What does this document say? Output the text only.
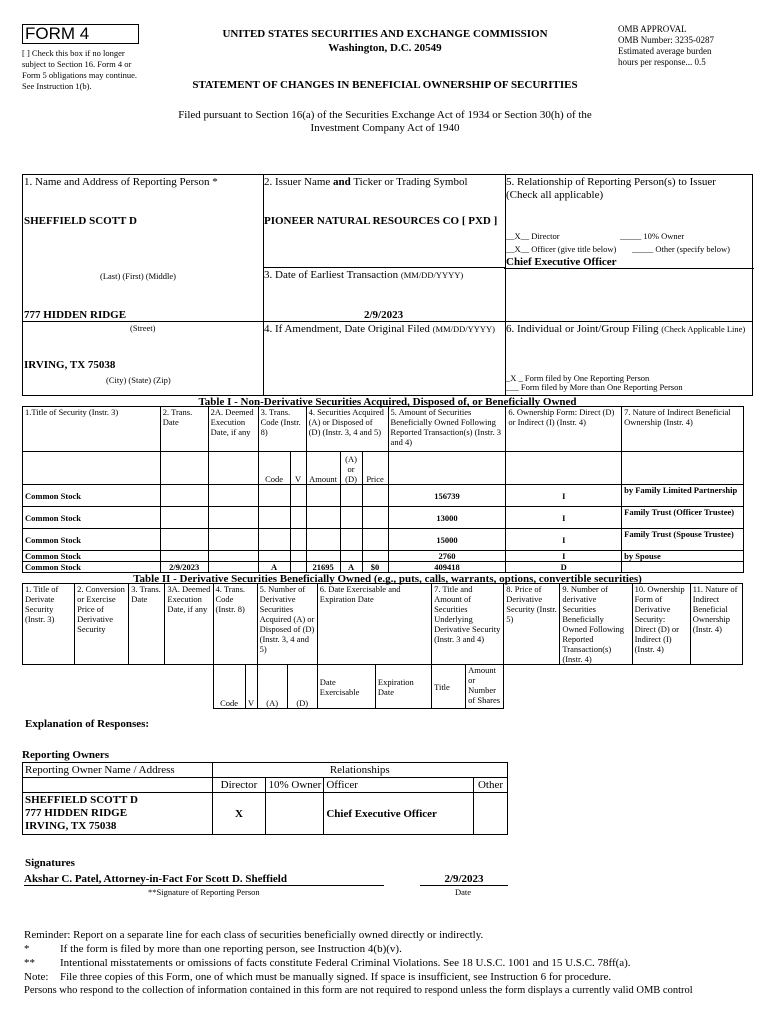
FORM 4
[ ] Check this box if no longer subject to Section 16. Form 4 or Form 5 obligations may continue. See Instruction 1(b).
UNITED STATES SECURITIES AND EXCHANGE COMMISSION
Washington, D.C. 20549
OMB APPROVAL
OMB Number: 3235-0287
Estimated average burden
hours per response... 0.5
STATEMENT OF CHANGES IN BENEFICIAL OWNERSHIP OF SECURITIES
Filed pursuant to Section 16(a) of the Securities Exchange Act of 1934 or Section 30(h) of the
Investment Company Act of 1940
1. Name and Address of Reporting Person *
SHEFFIELD SCOTT D
(Last) (First) (Middle)
777 HIDDEN RIDGE
(Street)
IRVING, TX 75038
(City) (State) (Zip)
2. Issuer Name and Ticker or Trading Symbol
PIONEER NATURAL RESOURCES CO [ PXD ]
3. Date of Earliest Transaction (MM/DD/YYYY)
2/9/2023
4. If Amendment, Date Original Filed (MM/DD/YYYY)
5. Relationship of Reporting Person(s) to Issuer
(Check all applicable)
__X__ Director	_____ 10% Owner
__X__ Officer (give title below) _____ Other (specify below)
Chief Executive Officer
6. Individual or Joint/Group Filing (Check Applicable Line)
_X _ Form filed by One Reporting Person
___ Form filed by More than One Reporting Person
Table I - Non-Derivative Securities Acquired, Disposed of, or Beneficially Owned
1.Title of Security (Instr. 3)	2. Trans. Date	2A. Deemed Execution Date, if any	3. Trans. Code (Instr. 8)		4. Securities Acquired (A) or Disposed of (D) (Instr. 3, 4 and 5)			5. Amount of Securities Beneficially Owned Following Reported Transaction(s) (Instr. 3 and 4)	6. Ownership Form: Direct (D) or Indirect (I) (Instr. 4)	7. Nature of Indirect Beneficial Ownership (Instr. 4)
			Code	V	Amount	(A) or (D)	Price			
Common Stock								156739	I	by Family Limited Partnership
Common Stock								13000	I	Family Trust (Officer Trustee)
Common Stock								15000	I	Family Trust (Spouse Trustee)
Common Stock								2760	I	by Spouse
Common Stock	2/9/2023		A		21695	A	$0	409418	D	
Table II - Derivative Securities Beneficially Owned (e.g., puts, calls, warrants, options, convertible securities)
1. Title of Derivate Security (Instr. 3)	2. Conversion or Exercise Price of Derivative Security	3. Trans. Date	3A. Deemed Execution Date, if any	4. Trans. Code (Instr. 8)		5. Number of Derivative Securities Acquired (A) or Disposed of (D) (Instr. 3, 4 and 5)		6. Date Exercisable and Expiration Date		7. Title and Amount of Securities Underlying Derivative Security (Instr. 3 and 4)		8. Price of Derivative Security (Instr. 5)	9. Number of derivative Securities Beneficially Owned Following Reported Transaction(s) (Instr. 4)	10. Ownership Form of Derivative Security: Direct (D) or Indirect (I) (Instr. 4)	11. Nature of Indirect Beneficial Ownership (Instr. 4)
				Code	V	(A)	(D)	Date Exercisable	Expiration Date	Title	Amount or Number of Shares				
Explanation of Responses:
Reporting Owners
Reporting Owner Name / Address	Relationships			
	Director	10% Owner	Officer	Other

SHEFFIELD SCOTT D
777 HIDDEN RIDGE
IRVING, TX 75038	X		Chief Executive Officer	
Signatures
Akshar C. Patel, Attorney-in-Fact For Scott D. Sheffield
**Signature of Reporting Person
2/9/2023
Date
Reminder: Report on a separate line for each class of securities beneficially owned directly or indirectly.
*	If the form is filed by more than one reporting person, see Instruction 4(b)(v).
** Intentional misstatements or omissions of facts constitute Federal Criminal Violations. See 18 U.S.C. 1001 and 15 U.S.C. 78ff(a).
Note: File three copies of this Form, one of which must be manually signed. If space is insufficient, see Instruction 6 for procedure.
Persons who respond to the collection of information contained in this form are not required to respond unless the form displays a currently valid OMB control
